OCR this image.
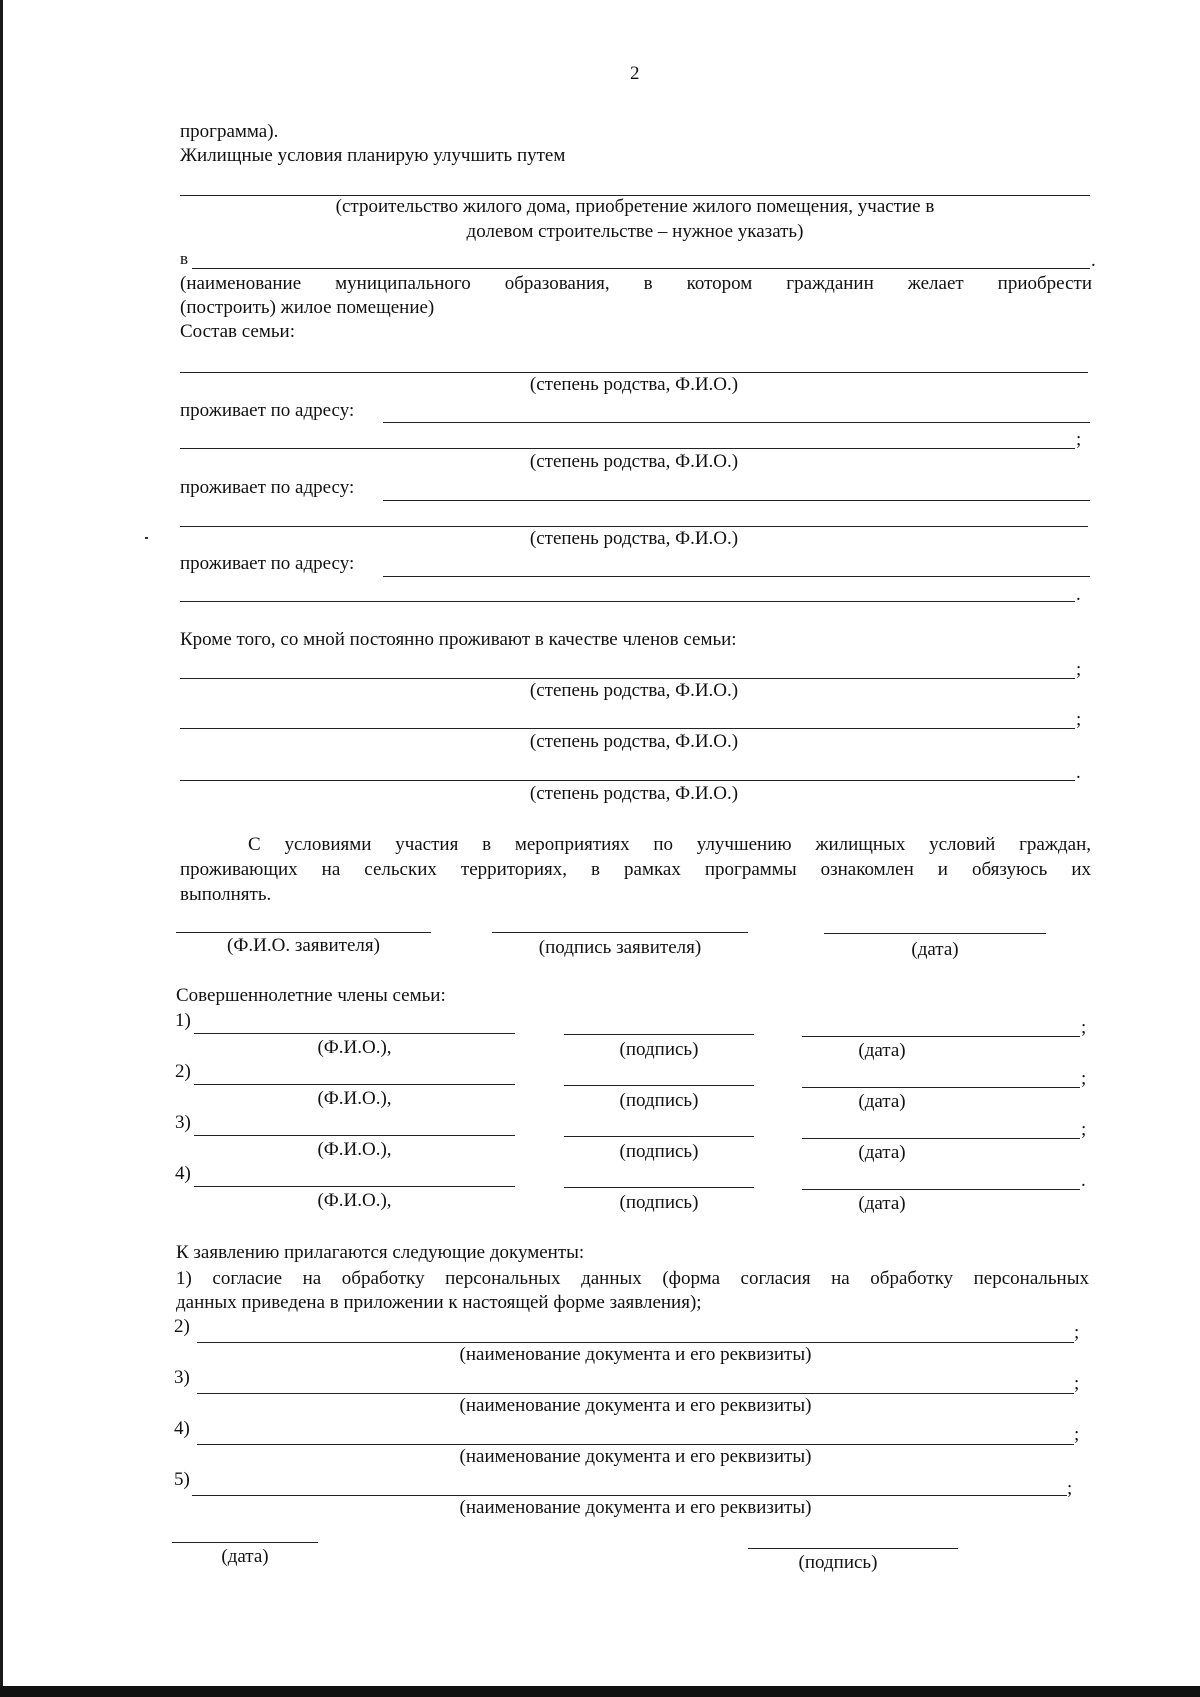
2
программа).
Жилищные условия планирую улучшить путем
(строительство жилого дома, приобретение жилого помещения, участие в
долевом строительстве – нужное указать)
в	.
(наименование муниципального образования, в котором гражданин желает приобрести
(построить) жилое помещение)
Состав семьи:
(степень родства, Ф.И.О.)
проживает по адресу:
;
(степень родства, Ф.И.О.)
проживает по адресу:
(степень родства, Ф.И.О.)
проживает по адресу:
.
Кроме того, со мной постоянно проживают в качестве членов семьи:
;
(степень родства, Ф.И.О.)
;
(степень родства, Ф.И.О.)
.
(степень родства, Ф.И.О.)
С условиями участия в мероприятиях по улучшению жилищных условий граждан,
проживающих на сельских территориях, в рамках программы ознакомлен и обязуюсь их
выполнять.
(Ф.И.О. заявителя)	(подпись заявителя)	(дата)
Совершеннолетние члены семьи:
1)	;
(Ф.И.О.),	(подпись)	(дата)
2)	;
(Ф.И.О.),	(подпись)	(дата)
3)	;
(Ф.И.О.),	(подпись)	(дата)
4)	.
(Ф.И.О.),	(подпись)	(дата)
К заявлению прилагаются следующие документы:
1) согласие на обработку персональных данных (форма согласия на обработку персональных
данных приведена в приложении к настоящей форме заявления);
2)	;
(наименование документа и его реквизиты)
3)	;
(наименование документа и его реквизиты)
4)	;
(наименование документа и его реквизиты)
5)	;
(наименование документа и его реквизиты)
(дата)	(подпись)
